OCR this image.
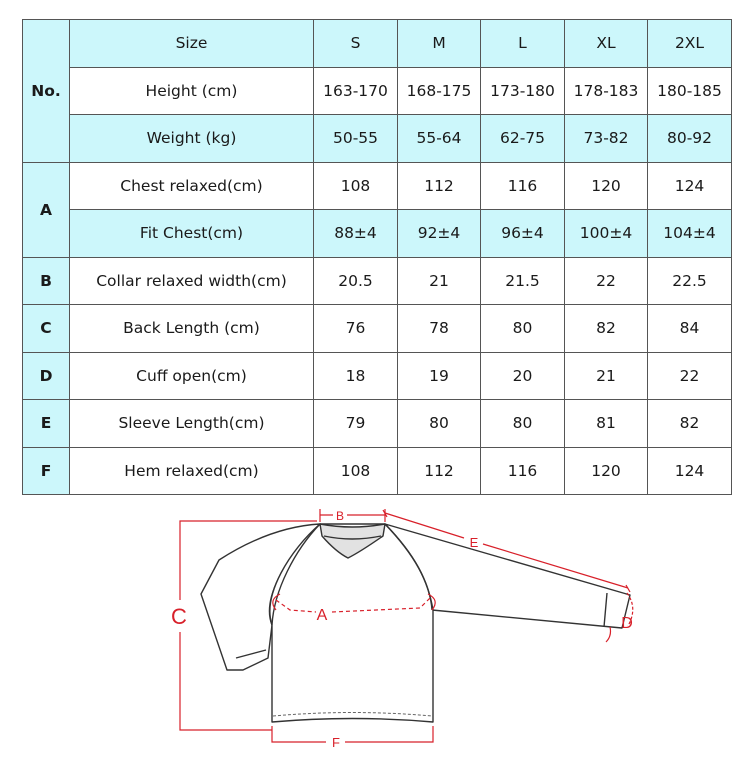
No.	Size	S	M	L	XL	2XL
	Height (cm)	163-170	168-175	173-180	178-183	180-185
	Weight (kg)	50-55	55-64	62-75	73-82	80-92
A	Chest relaxed(cm)	108	112	116	120	124
	Fit Chest(cm)	88±4	92±4	96±4	100±4	104±4
B	Collar relaxed width(cm)	20.5	21	21.5	22	22.5
C	Back Length (cm)	76	78	80	82	84
D	Cuff open(cm)	18	19	20	21	22
E	Sleeve Length(cm)	79	80	80	81	82
F	Hem relaxed(cm)	108	112	116	120	124
B
C	A
E
D
F
